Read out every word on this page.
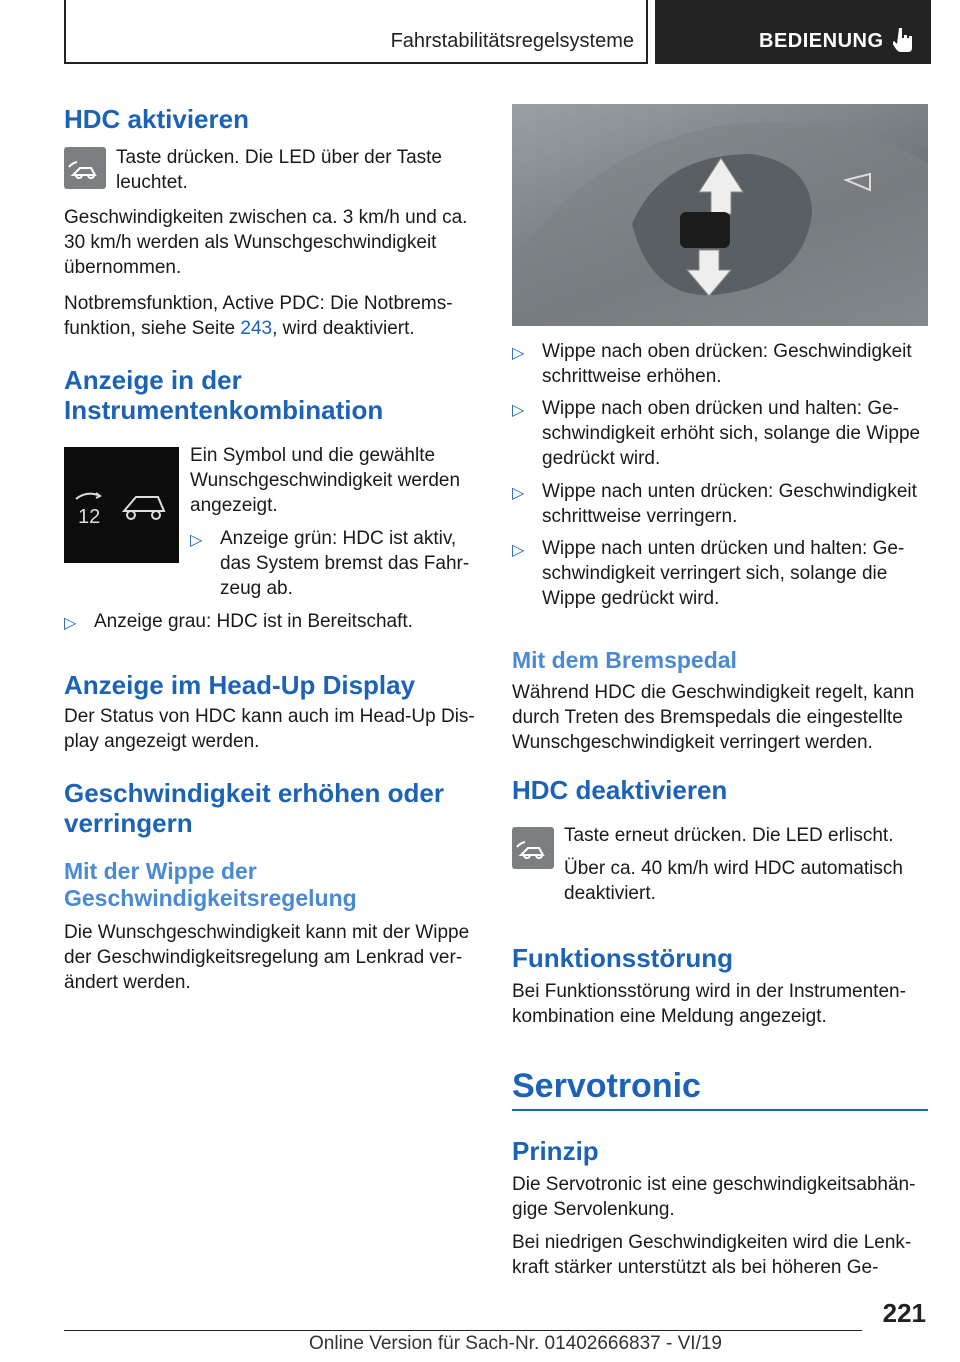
Fahrstabilitätsregelsysteme	BEDIENUNG
HDC aktivieren

Taste drücken. Die LED über der Taste leuchtet.

Geschwindigkeiten zwischen ca. 3 km/h und ca. 30 km/h werden als Wunschgeschwindigkeit übernommen.

Notbremsfunktion, Active PDC: Die Notbrems-funktion, siehe Seite 243, wird deaktiviert.

Anzeige in der Instrumentenkombination
12

Ein Symbol und die gewählte Wunschgeschwindigkeit werden angezeigt.

▷ Anzeige grün: HDC ist aktiv, das System bremst das Fahr-zeug ab.

▷ Anzeige grau: HDC ist in Bereitschaft.

Anzeige im Head-Up Display

Der Status von HDC kann auch im Head-Up Dis-play angezeigt werden.

Geschwindigkeit erhöhen oder verringern
Mit der Wippe der Geschwindigkeitsregelung

Die Wunschgeschwindigkeit kann mit der Wippe der Geschwindigkeitsregelung am Lenkrad ver-ändert werden.

▷ Wippe nach oben drücken: Geschwindigkeit schrittweise erhöhen.

▷ Wippe nach oben drücken und halten: Ge-schwindigkeit erhöht sich, solange die Wippe gedrückt wird.

▷ Wippe nach unten drücken: Geschwindigkeit schrittweise verringern.

▷ Wippe nach unten drücken und halten: Ge-schwindigkeit verringert sich, solange die Wippe gedrückt wird.

Mit dem Bremspedal

Während HDC die Geschwindigkeit regelt, kann durch Treten des Bremspedals die eingestellte Wunschgeschwindigkeit verringert werden.

HDC deaktivieren

Taste erneut drücken. Die LED erlischt.

Über ca. 40 km/h wird HDC automatisch deaktiviert.

Funktionsstörung

Bei Funktionsstörung wird in der Instrumenten-kombination eine Meldung angezeigt.

Servotronic
Prinzip

Die Servotronic ist eine geschwindigkeitsabhän-gige Servolenkung.

Bei niedrigen Geschwindigkeiten wird die Lenk-kraft stärker unterstützt als bei höheren Ge-

221
Online Version für Sach-Nr. 01402666837 - VI/19
